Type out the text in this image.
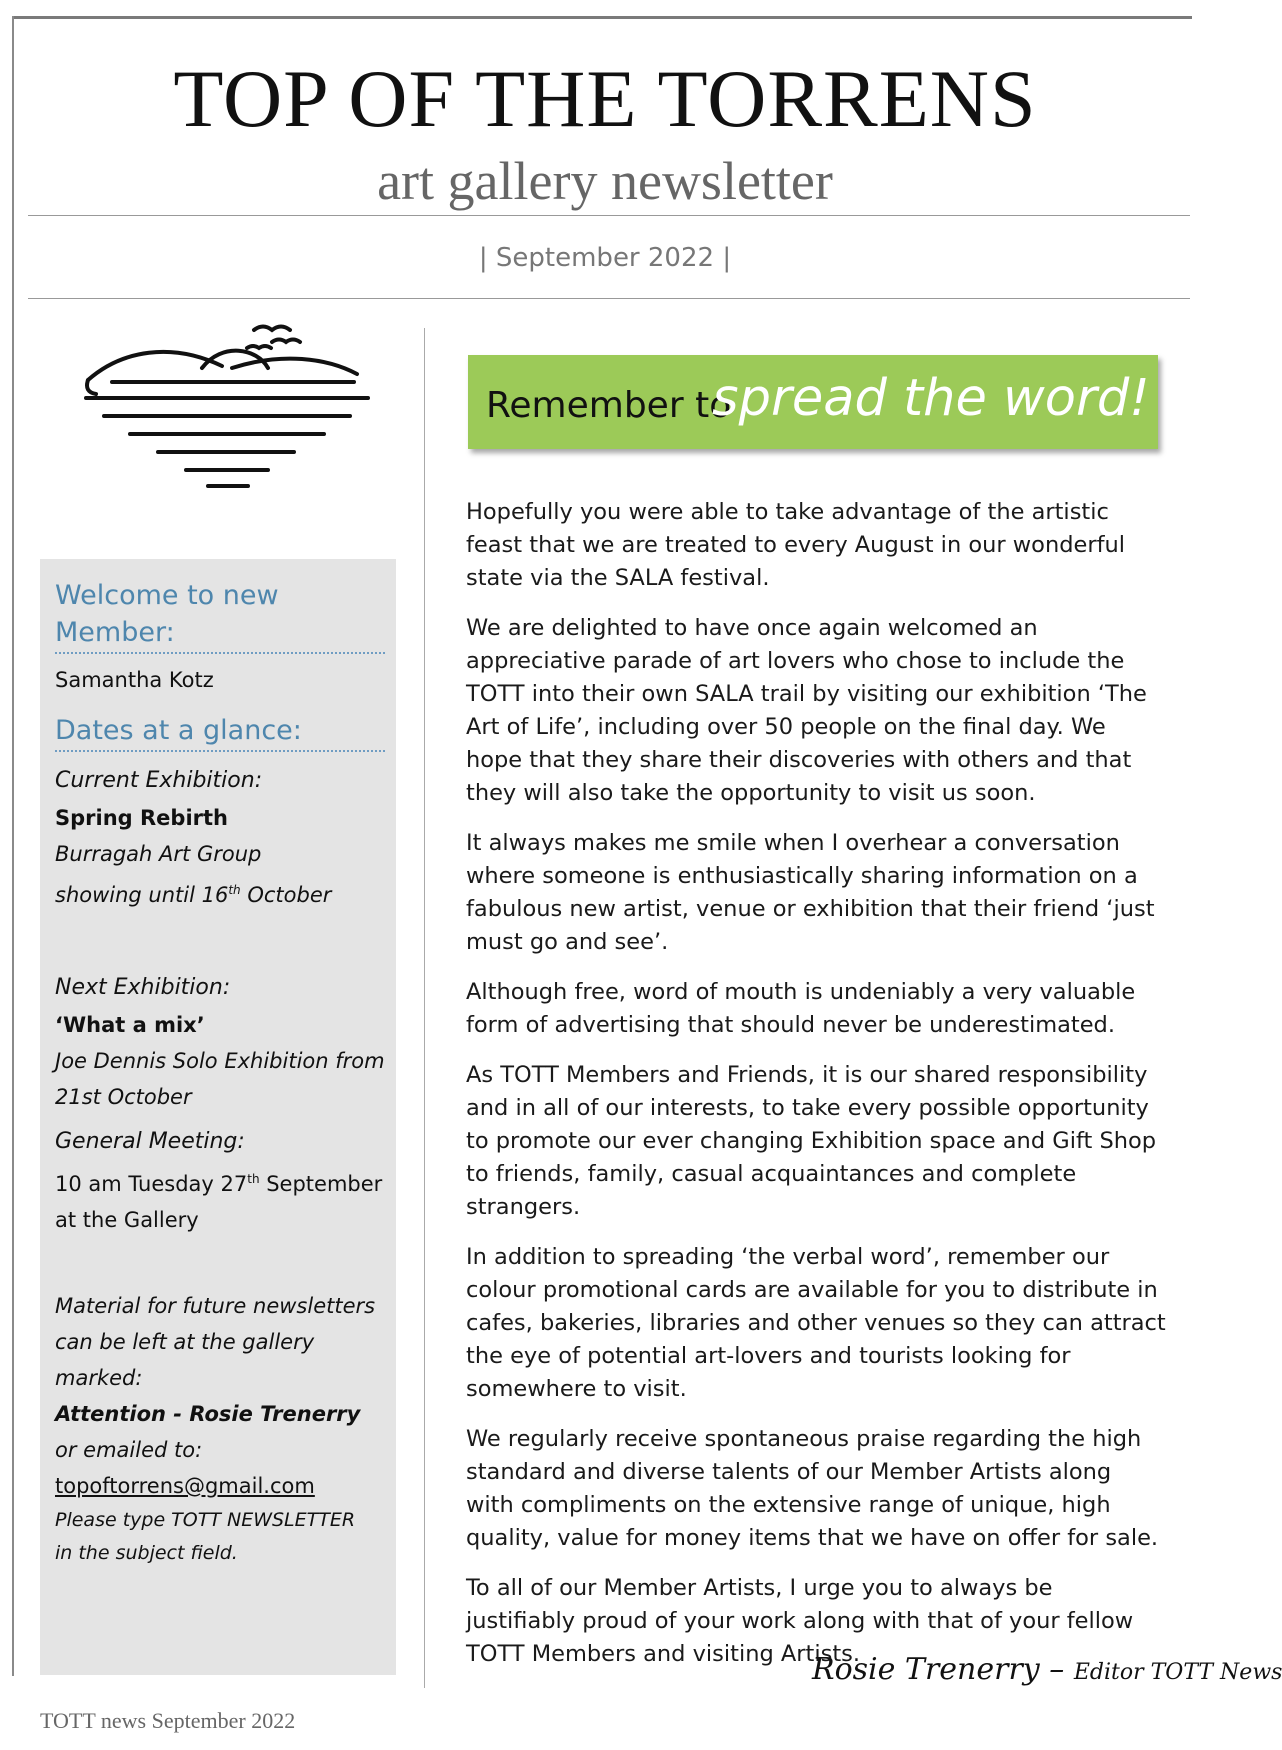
TOP OF THE TORRENS
art gallery newsletter
| September 2022 |
Welcome to new Member:
Samantha Kotz
Dates at a glance:
Current Exhibition:
Spring Rebirth
Burragah Art Group
showing until 16th October
Next Exhibition:
‘What a mix’
Joe Dennis Solo Exhibition from
21st October
General Meeting:
10 am Tuesday 27th September
at the Gallery
Material for future newsletters
can be left at the gallery
marked:
Attention - Rosie Trenerry
or emailed to:
topoftorrens@gmail.com
Please type TOTT NEWSLETTER
in the subject field.
Remember to
spread the word!

Hopefully you were able to take advantage of the artistic feast that we are treated to every August in our wonderful state via the SALA festival.

We are delighted to have once again welcomed an appreciative parade of art lovers who chose to include the TOTT into their own SALA trail by visiting our exhibition ‘The Art of Life’, including over 50 people on the final day. We hope that they share their discoveries with others and that they will also take the opportunity to visit us soon.

It always makes me smile when I overhear a conversation where someone is enthusiastically sharing information on a fabulous new artist, venue or exhibition that their friend ‘just must go and see’.

Although free, word of mouth is undeniably a very valuable form of advertising that should never be underestimated.

As TOTT Members and Friends, it is our shared responsibility and in all of our interests, to take every possible opportunity to promote our ever changing Exhibition space and Gift Shop to friends, family, casual acquaintances and complete strangers.

In addition to spreading ‘the verbal word’, remember our colour promotional cards are available for you to distribute in cafes, bakeries, libraries and other venues so they can attract the eye of potential art-lovers and tourists looking for somewhere to visit.

We regularly receive spontaneous praise regarding the high standard and diverse talents of our Member Artists along with compliments on the extensive range of unique, high quality, value for money items that we have on offer for sale.

To all of our Member Artists, I urge you to always be justifiably proud of your work along with that of your fellow TOTT Members and visiting Artists.

Rosie Trenerry – Editor TOTT News
TOTT news September 2022
